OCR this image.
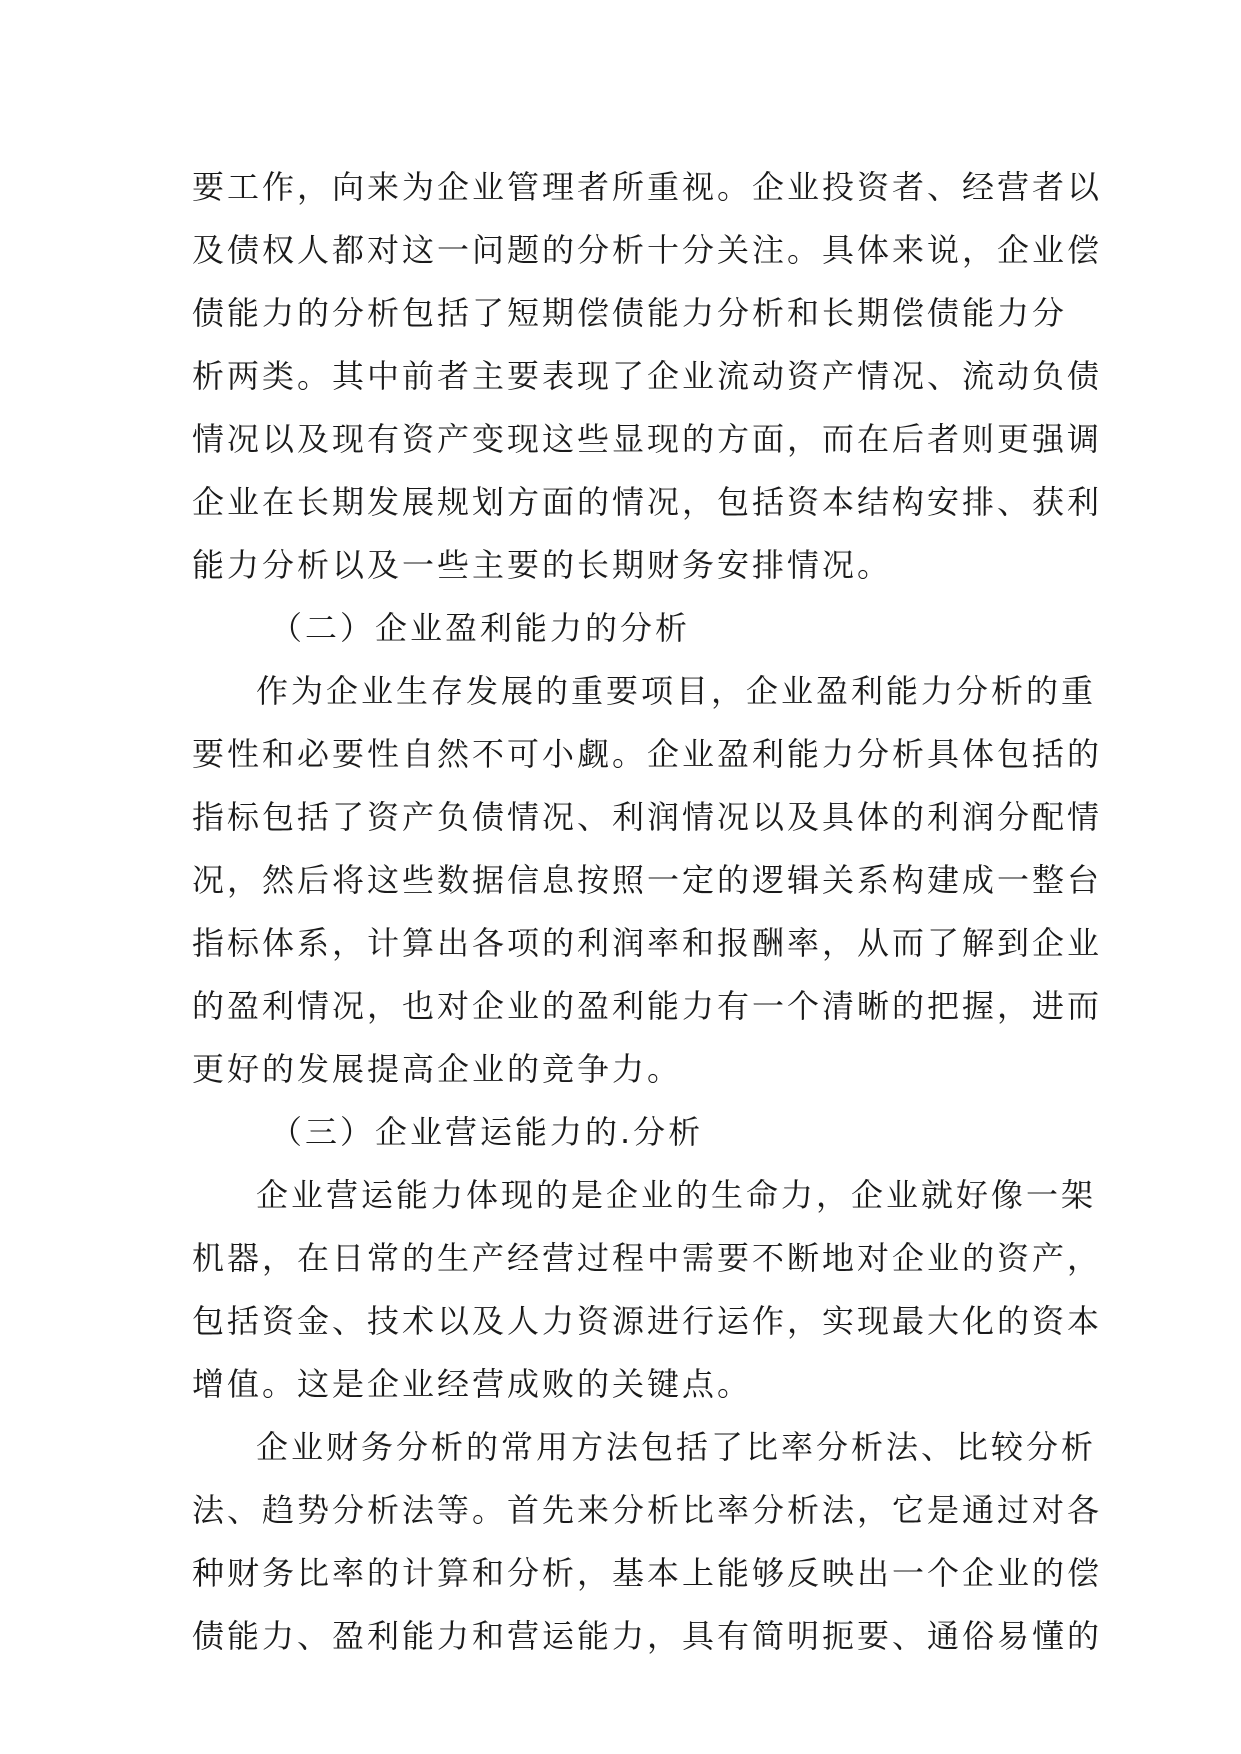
要工作，向来为企业管理者所重视。企业投资者、经营者以
及债权人都对这一问题的分析十分关注。具体来说，企业偿
债能力的分析包括了短期偿债能力分析和长期偿债能力分
析两类。其中前者主要表现了企业流动资产情况、流动负债
情况以及现有资产变现这些显现的方面，而在后者则更强调
企业在长期发展规划方面的情况，包括资本结构安排、获利
能力分析以及一些主要的长期财务安排情况。
（二）企业盈利能力的分析
作为企业生存发展的重要项目，企业盈利能力分析的重
要性和必要性自然不可小觑。企业盈利能力分析具体包括的
指标包括了资产负债情况、利润情况以及具体的利润分配情
况，然后将这些数据信息按照一定的逻辑关系构建成一整台
指标体系，计算出各项的利润率和报酬率，从而了解到企业
的盈利情况，也对企业的盈利能力有一个清晰的把握，进而
更好的发展提高企业的竞争力。
（三）企业营运能力的.分析
企业营运能力体现的是企业的生命力，企业就好像一架
机器，在日常的生产经营过程中需要不断地对企业的资产，
包括资金、技术以及人力资源进行运作，实现最大化的资本
增值。这是企业经营成败的关键点。
企业财务分析的常用方法包括了比率分析法、比较分析
法、趋势分析法等。首先来分析比率分析法，它是通过对各
种财务比率的计算和分析，基本上能够反映出一个企业的偿
债能力、盈利能力和营运能力，具有简明扼要、通俗易懂的
